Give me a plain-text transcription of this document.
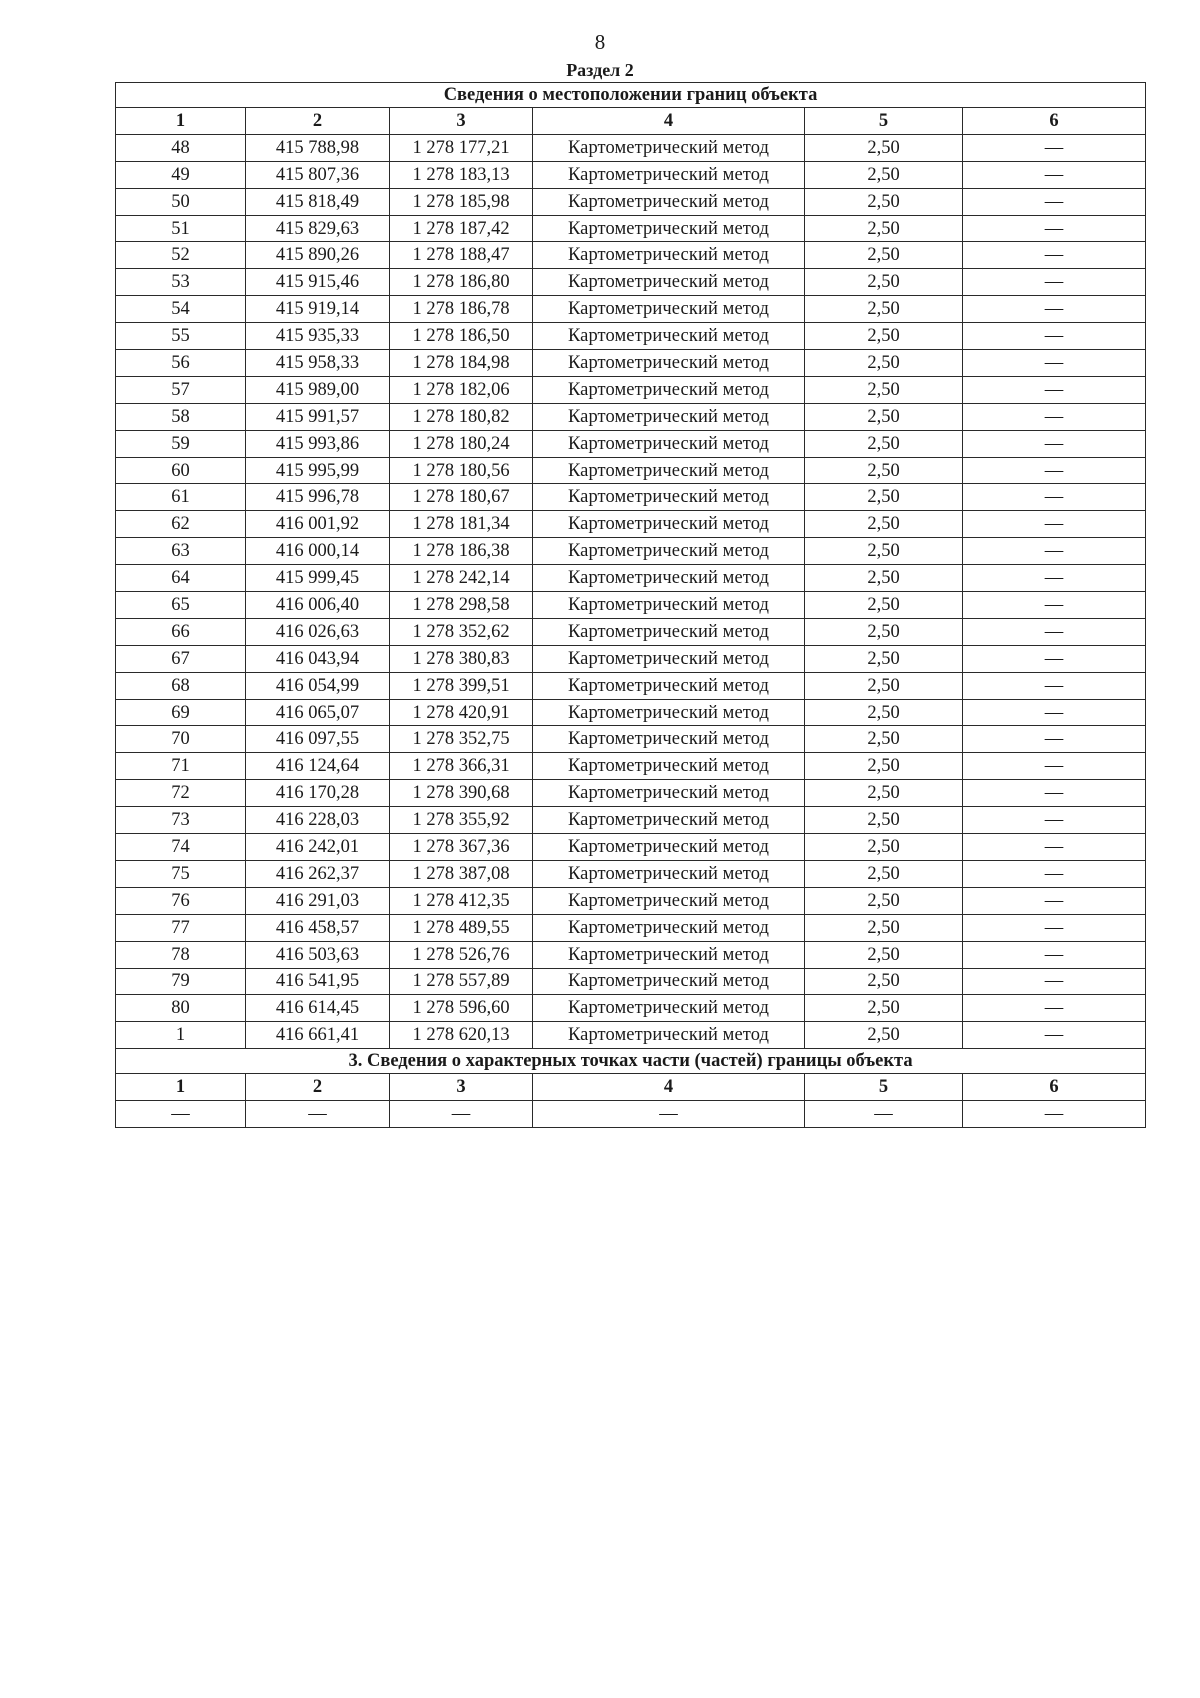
8
Раздел 2
Сведения о местоположении границ объекта					
1	2	3	4	5	6
48	415 788,98	1 278 177,21	Картометрический метод	2,50	—
49	415 807,36	1 278 183,13	Картометрический метод	2,50	—
50	415 818,49	1 278 185,98	Картометрический метод	2,50	—
51	415 829,63	1 278 187,42	Картометрический метод	2,50	—
52	415 890,26	1 278 188,47	Картометрический метод	2,50	—
53	415 915,46	1 278 186,80	Картометрический метод	2,50	—
54	415 919,14	1 278 186,78	Картометрический метод	2,50	—
55	415 935,33	1 278 186,50	Картометрический метод	2,50	—
56	415 958,33	1 278 184,98	Картометрический метод	2,50	—
57	415 989,00	1 278 182,06	Картометрический метод	2,50	—
58	415 991,57	1 278 180,82	Картометрический метод	2,50	—
59	415 993,86	1 278 180,24	Картометрический метод	2,50	—
60	415 995,99	1 278 180,56	Картометрический метод	2,50	—
61	415 996,78	1 278 180,67	Картометрический метод	2,50	—
62	416 001,92	1 278 181,34	Картометрический метод	2,50	—
63	416 000,14	1 278 186,38	Картометрический метод	2,50	—
64	415 999,45	1 278 242,14	Картометрический метод	2,50	—
65	416 006,40	1 278 298,58	Картометрический метод	2,50	—
66	416 026,63	1 278 352,62	Картометрический метод	2,50	—
67	416 043,94	1 278 380,83	Картометрический метод	2,50	—
68	416 054,99	1 278 399,51	Картометрический метод	2,50	—
69	416 065,07	1 278 420,91	Картометрический метод	2,50	—
70	416 097,55	1 278 352,75	Картометрический метод	2,50	—
71	416 124,64	1 278 366,31	Картометрический метод	2,50	—
72	416 170,28	1 278 390,68	Картометрический метод	2,50	—
73	416 228,03	1 278 355,92	Картометрический метод	2,50	—
74	416 242,01	1 278 367,36	Картометрический метод	2,50	—
75	416 262,37	1 278 387,08	Картометрический метод	2,50	—
76	416 291,03	1 278 412,35	Картометрический метод	2,50	—
77	416 458,57	1 278 489,55	Картометрический метод	2,50	—
78	416 503,63	1 278 526,76	Картометрический метод	2,50	—
79	416 541,95	1 278 557,89	Картометрический метод	2,50	—
80	416 614,45	1 278 596,60	Картометрический метод	2,50	—
1	416 661,41	1 278 620,13	Картометрический метод	2,50	—
3. Сведения о характерных точках части (частей) границы объекта					
1	2	3	4	5	6
—	—	—	—	—	—
